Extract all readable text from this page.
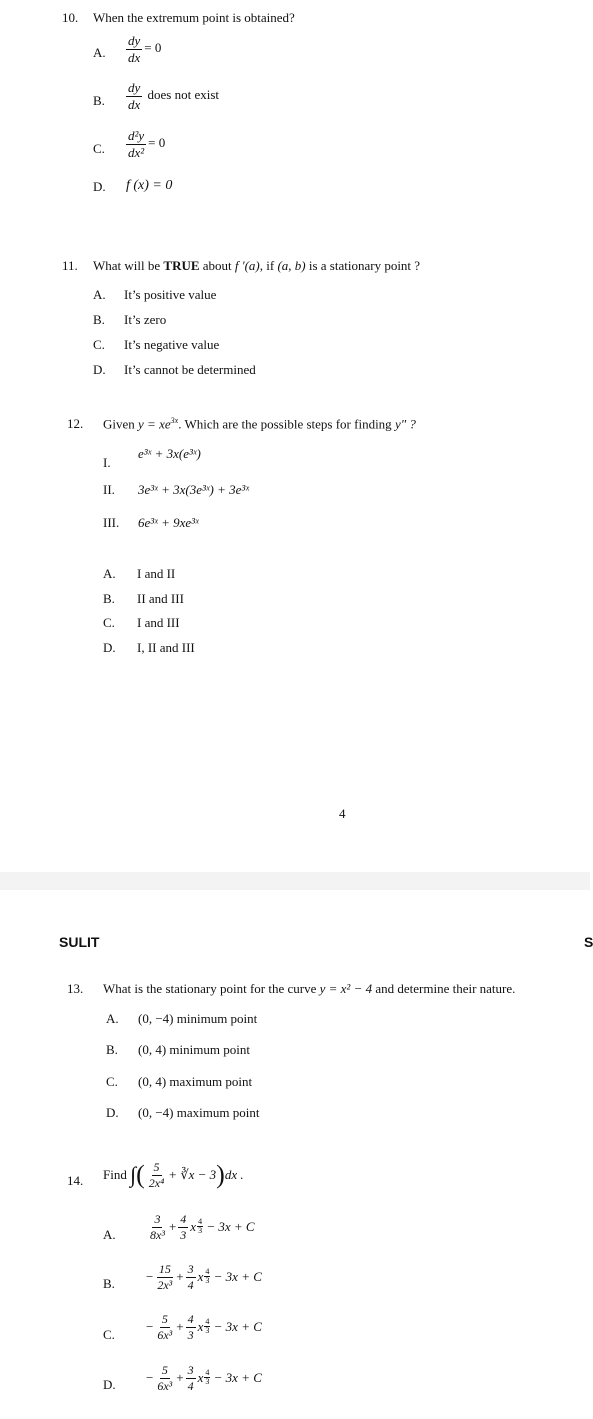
10. When the extremum point is obtained?
A. $\frac{dy}{dx} = 0$
B. $\frac{dy}{dx}$ does not exist
C. $\frac{\text{d²y}}{\text{dx²}} = 0$
D. f (x) = 0
11. What will be TRUE about f '(a), if (a, b) is a stationary point ?
A. It’s positive value
B. It’s zero
C. It’s negative value
D. It’s cannot be determined
12. Given $y = xe^{3x}$. Which are the possible steps for finding y" ?
I.
e³ˣ + 3x(e³ˣ)
II. 3e³ˣ + 3x(3e³ˣ) + 3e³ˣ
III. 6e³ˣ + 9xe³ˣ
A. I and II
B. II and III
C. I and III
D. I, II and III
4
SULIT	S
13. What is the stationary point for the curve y = x² − 4 and determine their nature.
A. (0, −4) minimum point
B. (0, 4) minimum point
C. (0, 4) maximum point
D. (0, −4) maximum point
14. Find ∫( $\frac{5}{\text{2x⁴}}$ + ∛x − 3)dx .
A.	$\frac{3}{\text{8x³}} + \frac{4}{3}$ x $\frac{4}{3} - 3x + C$
B. − $\frac{15}{\text{2x³}} + \frac{3}{4}$ x $\frac{4}{3} - 3x + C$
C.
− $\frac{5}{\text{6x³}} + \frac{4}{3}$ x $\frac{4}{3} - 3x + C$
D. − $\frac{5}{\text{6x³}} + \frac{3}{4}$ x $\frac{4}{3} - 3x + C$
